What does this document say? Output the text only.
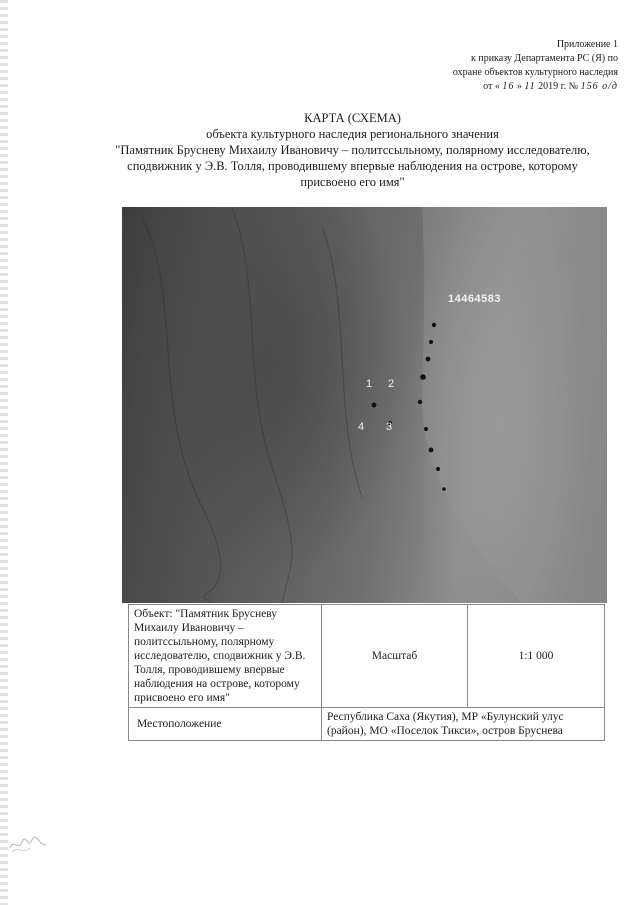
Приложение 1
к приказу Департамента РС (Я) по
охране объектов культурного наследия
от « 16 » 11 2019 г. № 156 о/д
КАРТА (СХЕМА)
объекта культурного наследия регионального значения
"Памятник Брусневу Михаилу Ивановичу – политссыльному, полярному исследователю,
сподвижник у Э.В. Толля, проводившему впервые наблюдения на острове, которому
присвоено его имя"
14464583
1 2
3
4
Объект: "Памятник Брусневу Михаилу Ивановичу – политссыльному, полярному исследователю, сподвижник у Э.В. Толля, проводившему впервые наблюдения на острове, которому присвоено его имя"	Масштаб	1:1 000
Местоположение	Республика Саха (Якутия), МР «Булунский улус (район), МО «Поселок Тикси», остров Бруснева	
